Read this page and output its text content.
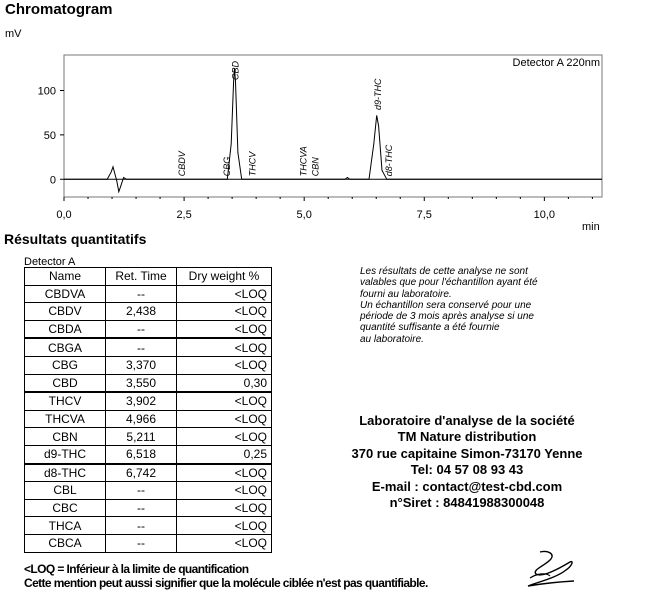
Chromatogram
0
50
100
0,0	2,5	5,0	7,5	10,0
mV
min
Detector A 220nm
CBDV	CBG
CBD
THCV	THCVA CBN
d9-THC
d8-THC
Résultats quantitatifs
Detector A
Name	Ret. Time	Dry weight %
CBDVA	--	<LOQ
CBDV	2,438	<LOQ
CBDA	--	<LOQ
CBGA	--	<LOQ
CBG	3,370	<LOQ
CBD	3,550	0,30
THCV	3,902	<LOQ
THCVA	4,966	<LOQ
CBN	5,211	<LOQ
d9-THC	6,518	0,25
d8-THC	6,742	<LOQ
CBL	--	<LOQ
CBC	--	<LOQ
THCA	--	<LOQ
CBCA	--	<LOQ
Les résultats de cette analyse ne sont
valables que pour l'échantillon ayant été
fourni au laboratoire.
Un échantillon sera conservé pour une
période de 3 mois après analyse si une
quantité suffisante a été fournie
au laboratoire.
Laboratoire d'analyse de la société
TM Nature distribution
370 rue capitaine Simon-73170 Yenne
Tel: 04 57 08 93 43
E-mail : contact@test-cbd.com
n°Siret : 84841988300048
<LOQ = Inférieur à la limite de quantification
Cette mention peut aussi signifier que la molécule ciblée n'est pas quantifiable.
